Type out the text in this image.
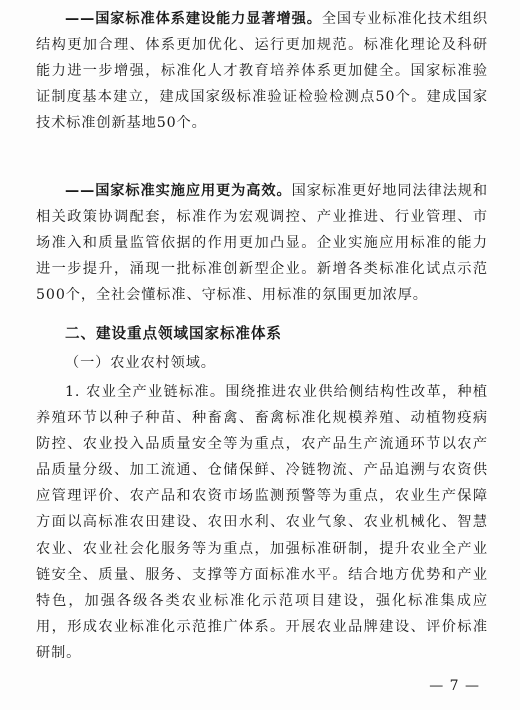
——国家标准体系建设能力显著增强。全国专业标准化技术组织结构更加合理、体系更加优化、运行更加规范。标准化理论及科研能力进一步增强，标准化人才教育培养体系更加健全。国家标准验证制度基本建立，建成国家级标准验证检验检测点50个。建成国家技术标准创新基地50个。

——国家标准实施应用更为高效。国家标准更好地同法律法规和相关政策协调配套，标准作为宏观调控、产业推进、行业管理、市场准入和质量监管依据的作用更加凸显。企业实施应用标准的能力进一步提升，涌现一批标准创新型企业。新增各类标准化试点示范500个，全社会懂标准、守标准、用标准的氛围更加浓厚。

二、建设重点领域国家标准体系

（一）农业农村领域。

1. 农业全产业链标准。围绕推进农业供给侧结构性改革，种植养殖环节以种子种苗、种畜禽、畜禽标准化规模养殖、动植物疫病防控、农业投入品质量安全等为重点，农产品生产流通环节以农产品质量分级、加工流通、仓储保鲜、冷链物流、产品追溯与农资供应管理评价、农产品和农资市场监测预警等为重点，农业生产保障方面以高标准农田建设、农田水利、农业气象、农业机械化、智慧农业、农业社会化服务等为重点，加强标准研制，提升农业全产业链安全、质量、服务、支撑等方面标准水平。结合地方优势和产业特色，加强各级各类农业标准化示范项目建设，强化标准集成应用，形成农业标准化示范推广体系。开展农业品牌建设、评价标准研制。

— 7 —
